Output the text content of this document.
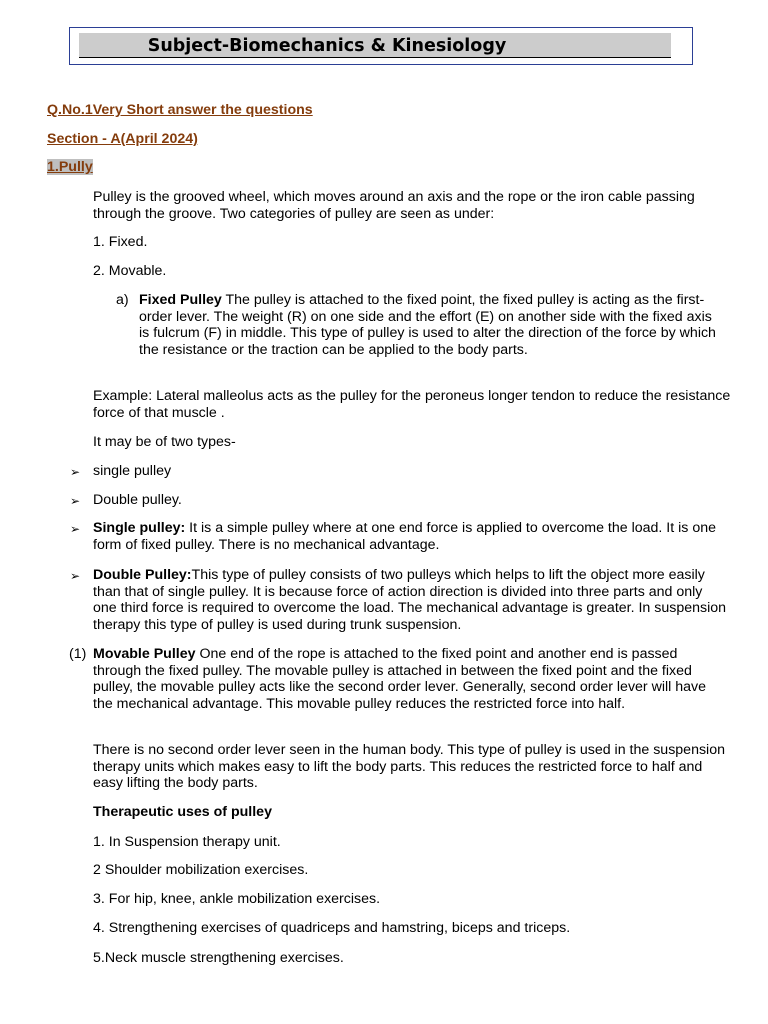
Subject-Biomechanics & Kinesiology
Q.No.1Very Short answer the questions
Section - A(April 2024)
1.Pully

Pulley is the grooved wheel, which moves around an axis and the rope or the iron cable passing through the groove. Two categories of pulley are seen as under:

1. Fixed.

2. Movable.

a) Fixed Pulley The pulley is attached to the fixed point, the fixed pulley is acting as the first-order lever. The weight (R) on one side and the effort (E) on another side with the fixed axis is fulcrum (F) in middle. This type of pulley is used to alter the direction of the force by which the resistance or the traction can be applied to the body parts.

Example: Lateral malleolus acts as the pulley for the peroneus longer tendon to reduce the resistance force of that muscle .

It may be of two types-

➢ single pulley

➢ Double pulley.

➢ Single pulley: It is a simple pulley where at one end force is applied to overcome the load. It is one form of fixed pulley. There is no mechanical advantage.

➢ Double Pulley:This type of pulley consists of two pulleys which helps to lift the object more easily than that of single pulley. It is because force of action direction is divided into three parts and only one third force is required to overcome the load. The mechanical advantage is greater. In suspension therapy this type of pulley is used during trunk suspension.

(1) Movable Pulley One end of the rope is attached to the fixed point and another end is passed through the fixed pulley. The movable pulley is attached in between the fixed point and the fixed pulley, the movable pulley acts like the second order lever. Generally, second order lever will have the mechanical advantage. This movable pulley reduces the restricted force into half.

There is no second order lever seen in the human body. This type of pulley is used in the suspension therapy units which makes easy to lift the body parts. This reduces the restricted force to half and easy lifting the body parts.

Therapeutic uses of pulley

1. In Suspension therapy unit.

2 Shoulder mobilization exercises.

3. For hip, knee, ankle mobilization exercises.

4. Strengthening exercises of quadriceps and hamstring, biceps and triceps.

5.Neck muscle strengthening exercises.
